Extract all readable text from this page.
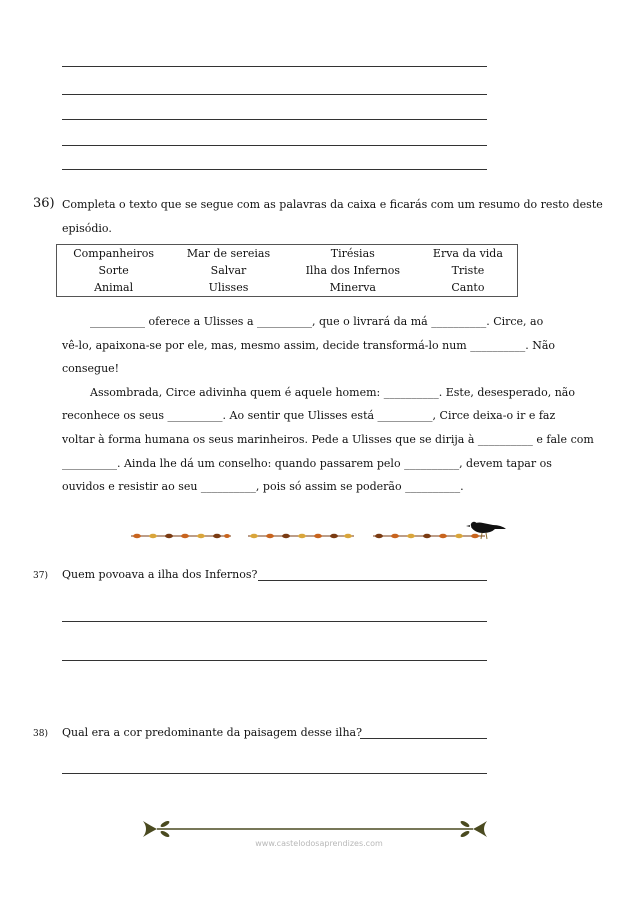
36) Completa o texto que se segue com as palavras da caixa e ficarás com um resumo do resto deste
episódio.
Companheiros	Mar de sereias	Tirésias	Erva da vida
Sorte	Salvar	Ilha dos Infernos	Triste
Animal	Ulisses	Minerva	Canto

__________ oferece a Ulisses a __________, que o livrará da má __________. Circe, ao

vê-lo, apaixona-se por ele, mas, mesmo assim, decide transformá-lo num __________. Não

consegue!

Assombrada, Circe adivinha quem é aquele homem: __________. Este, desesperado, não

reconhece os seus __________. Ao sentir que Ulisses está __________, Circe deixa-o ir e faz

voltar à forma humana os seus marinheiros. Pede a Ulisses que se dirija à __________ e fale com

__________. Ainda lhe dá um conselho: quando passarem pelo __________, devem tapar os

ouvidos e resistir ao seu __________, pois só assim se poderão __________.

37) Quem povoava a ilha dos Infernos?
38) Qual era a cor predominante da paisagem desse ilha?
www.castelodosaprendizes.com
